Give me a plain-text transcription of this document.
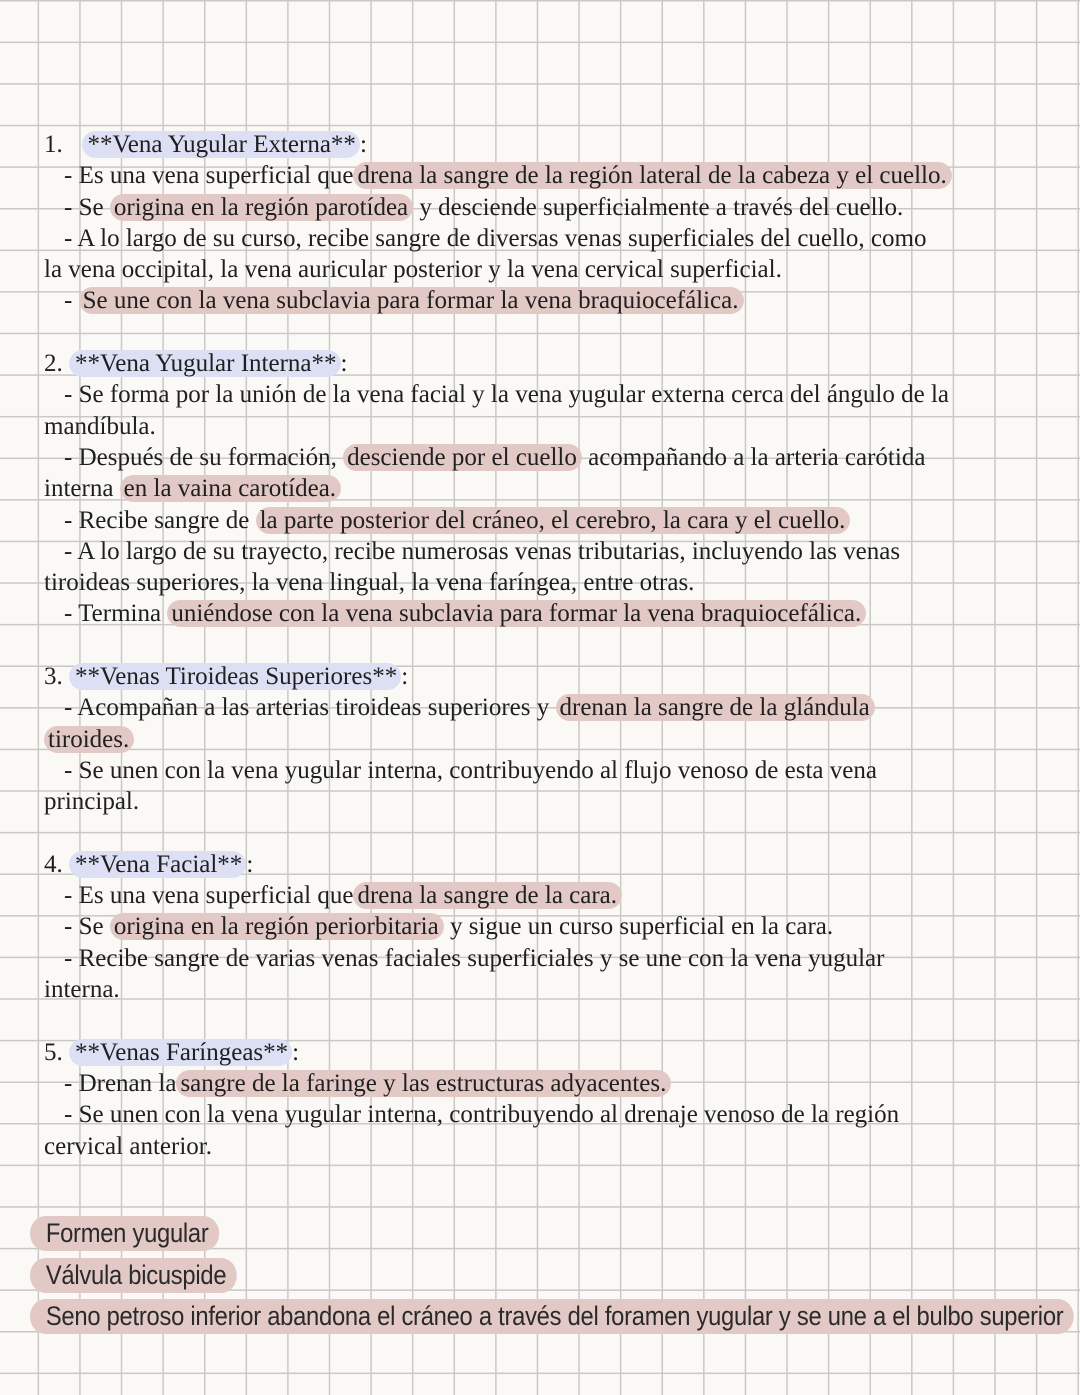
1. **Vena Yugular Externa** :
- Es una vena superficial que drena la sangre de la región lateral de la cabeza y el cuello.
- Se origina en la región parotídea y desciende superficialmente a través del cuello.
- A lo largo de su curso, recibe sangre de diversas venas superficiales del cuello, como
la vena occipital, la vena auricular posterior y la vena cervical superficial.
- Se une con la vena subclavia para formar la vena braquiocefálica.
2. **Vena Yugular Interna** :
- Se forma por la unión de la vena facial y la vena yugular externa cerca del ángulo de la
mandíbula.
- Después de su formación, desciende por el cuello acompañando a la arteria carótida
interna en la vaina carotídea.
- Recibe sangre de la parte posterior del cráneo, el cerebro, la cara y el cuello.
- A lo largo de su trayecto, recibe numerosas venas tributarias, incluyendo las venas
tiroideas superiores, la vena lingual, la vena faríngea, entre otras.
- Termina uniéndose con la vena subclavia para formar la vena braquiocefálica.
3. **Venas Tiroideas Superiores** :
- Acompañan a las arterias tiroideas superiores y drenan la sangre de la glándula
tiroides.
- Se unen con la vena yugular interna, contribuyendo al flujo venoso de esta vena
principal.
4. **Vena Facial** :
- Es una vena superficial que drena la sangre de la cara.
- Se origina en la región periorbitaria y sigue un curso superficial en la cara.
- Recibe sangre de varias venas faciales superficiales y se une con la vena yugular
interna.
5. **Venas Faríngeas** :
- Drenan la sangre de la faringe y las estructuras adyacentes.
- Se unen con la vena yugular interna, contribuyendo al drenaje venoso de la región
cervical anterior.
Formen yugular
Válvula bicuspide
Seno petroso inferior abandona el cráneo a través del foramen yugular y se une a el bulbo superior
